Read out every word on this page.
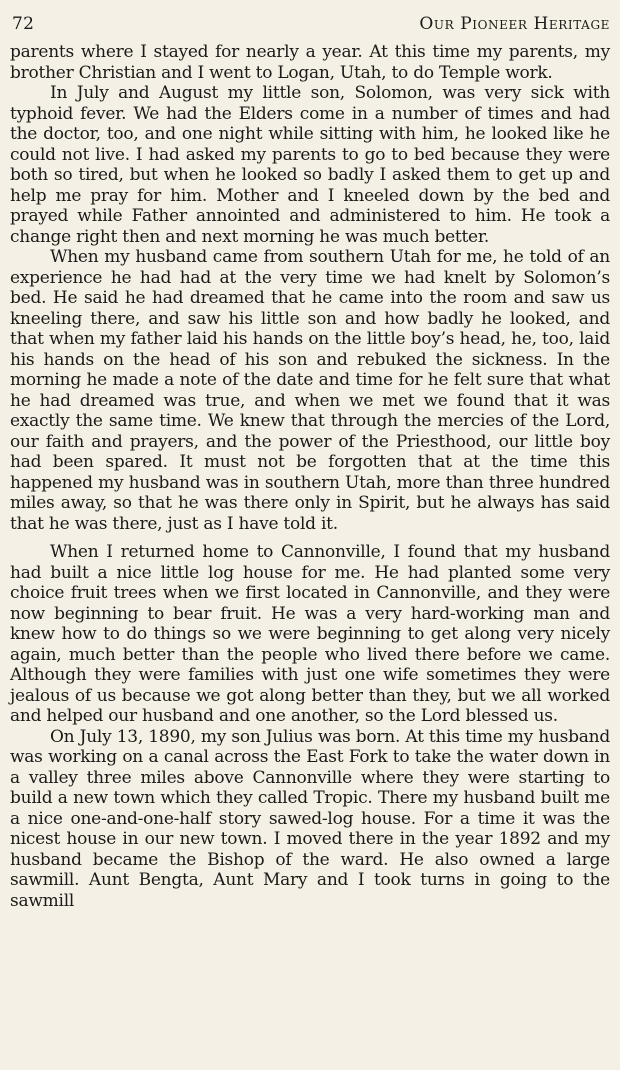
72	Our Pioneer Heritage

parents where I stayed for nearly a year. At this time my parents, my brother Christian and I went to Logan, Utah, to do Temple work.

In July and August my little son, Solomon, was very sick with typhoid fever. We had the Elders come in a number of times and had the doctor, too, and one night while sitting with him, he looked like he could not live. I had asked my parents to go to bed because they were both so tired, but when he looked so badly I asked them to get up and help me pray for him. Mother and I kneeled down by the bed and prayed while Father annointed and administered to him. He took a change right then and next morning he was much better.

When my husband came from southern Utah for me, he told of an experience he had had at the very time we had knelt by Solomon’s bed. He said he had dreamed that he came into the room and saw us kneeling there, and saw his little son and how badly he looked, and that when my father laid his hands on the little boy’s head, he, too, laid his hands on the head of his son and rebuked the sickness. In the morning he made a note of the date and time for he felt sure that what he had dreamed was true, and when we met we found that it was exactly the same time. We knew that through the mercies of the Lord, our faith and prayers, and the power of the Priesthood, our little boy had been spared. It must not be forgotten that at the time this happened my husband was in southern Utah, more than three hundred miles away, so that he was there only in Spirit, but he always has said that he was there, just as I have told it.

When I returned home to Cannonville, I found that my husband had built a nice little log house for me. He had planted some very choice fruit trees when we first located in Cannonville, and they were now beginning to bear fruit. He was a very hard-working man and knew how to do things so we were beginning to get along very nicely again, much better than the people who lived there before we came. Although they were families with just one wife sometimes they were jealous of us because we got along better than they, but we all worked and helped our husband and one another, so the Lord blessed us.

On July 13, 1890, my son Julius was born. At this time my husband was working on a canal across the East Fork to take the water down in a valley three miles above Cannonville where they were starting to build a new town which they called Tropic. There my husband built me a nice one-and-one-half story sawed-log house. For a time it was the nicest house in our new town. I moved there in the year 1892 and my husband became the Bishop of the ward. He also owned a large sawmill. Aunt Bengta, Aunt Mary and I took turns in going to the sawmill
